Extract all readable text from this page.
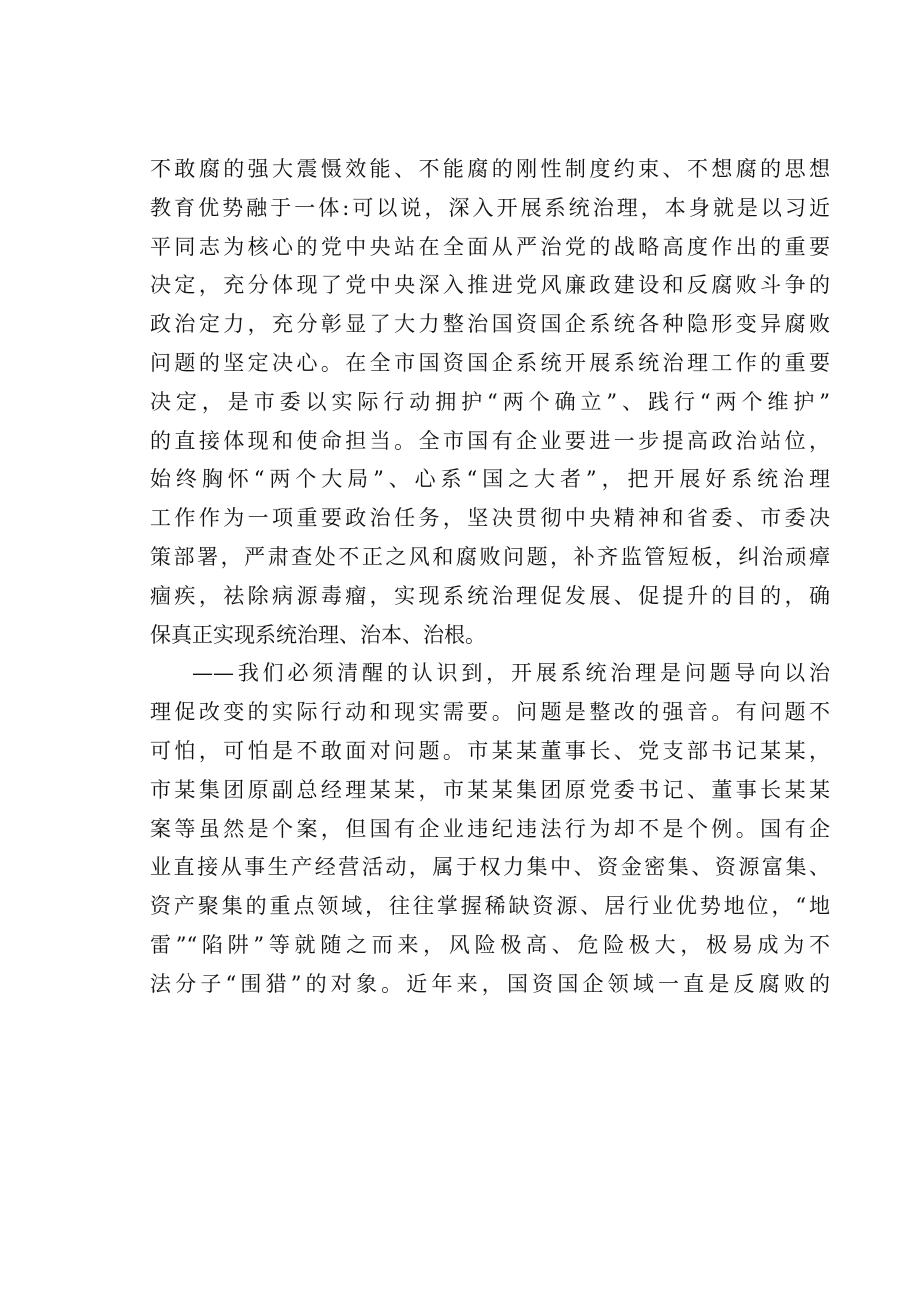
不敢腐的强大震慑效能、不能腐的刚性制度约束、不想腐的思想
教育优势融于一体:可以说，深入开展系统治理，本身就是以习近
平同志为核心的党中央站在全面从严治党的战略高度作出的重要
决定，充分体现了党中央深入推进党风廉政建设和反腐败斗争的
政治定力，充分彰显了大力整治国资国企系统各种隐形变异腐败
问题的坚定决心。在全市国资国企系统开展系统治理工作的重要
决定，是市委以实际行动拥护“两个确立”、践行“两个维护”
的直接体现和使命担当。全市国有企业要进一步提高政治站位，
始终胸怀“两个大局”、心系“国之大者”，把开展好系统治理
工作作为一项重要政治任务，坚决贯彻中央精神和省委、市委决
策部署，严肃查处不正之风和腐败问题，补齐监管短板，纠治顽瘴
痼疾，祛除病源毒瘤，实现系统治理促发展、促提升的目的，确
保真正实现系统治理、治本、治根。
——我们必须清醒的认识到，开展系统治理是问题导向以治
理促改变的实际行动和现实需要。问题是整改的强音。有问题不
可怕，可怕是不敢面对问题。市某某董事长、党支部书记某某，
市某集团原副总经理某某，市某某集团原党委书记、董事长某某
案等虽然是个案，但国有企业违纪违法行为却不是个例。国有企
业直接从事生产经营活动，属于权力集中、资金密集、资源富集、
资产聚集的重点领域，往往掌握稀缺资源、居行业优势地位，“地
雷”“陷阱”等就随之而来，风险极高、危险极大，极易成为不
法分子“围猎”的对象。近年来，国资国企领域一直是反腐败的
